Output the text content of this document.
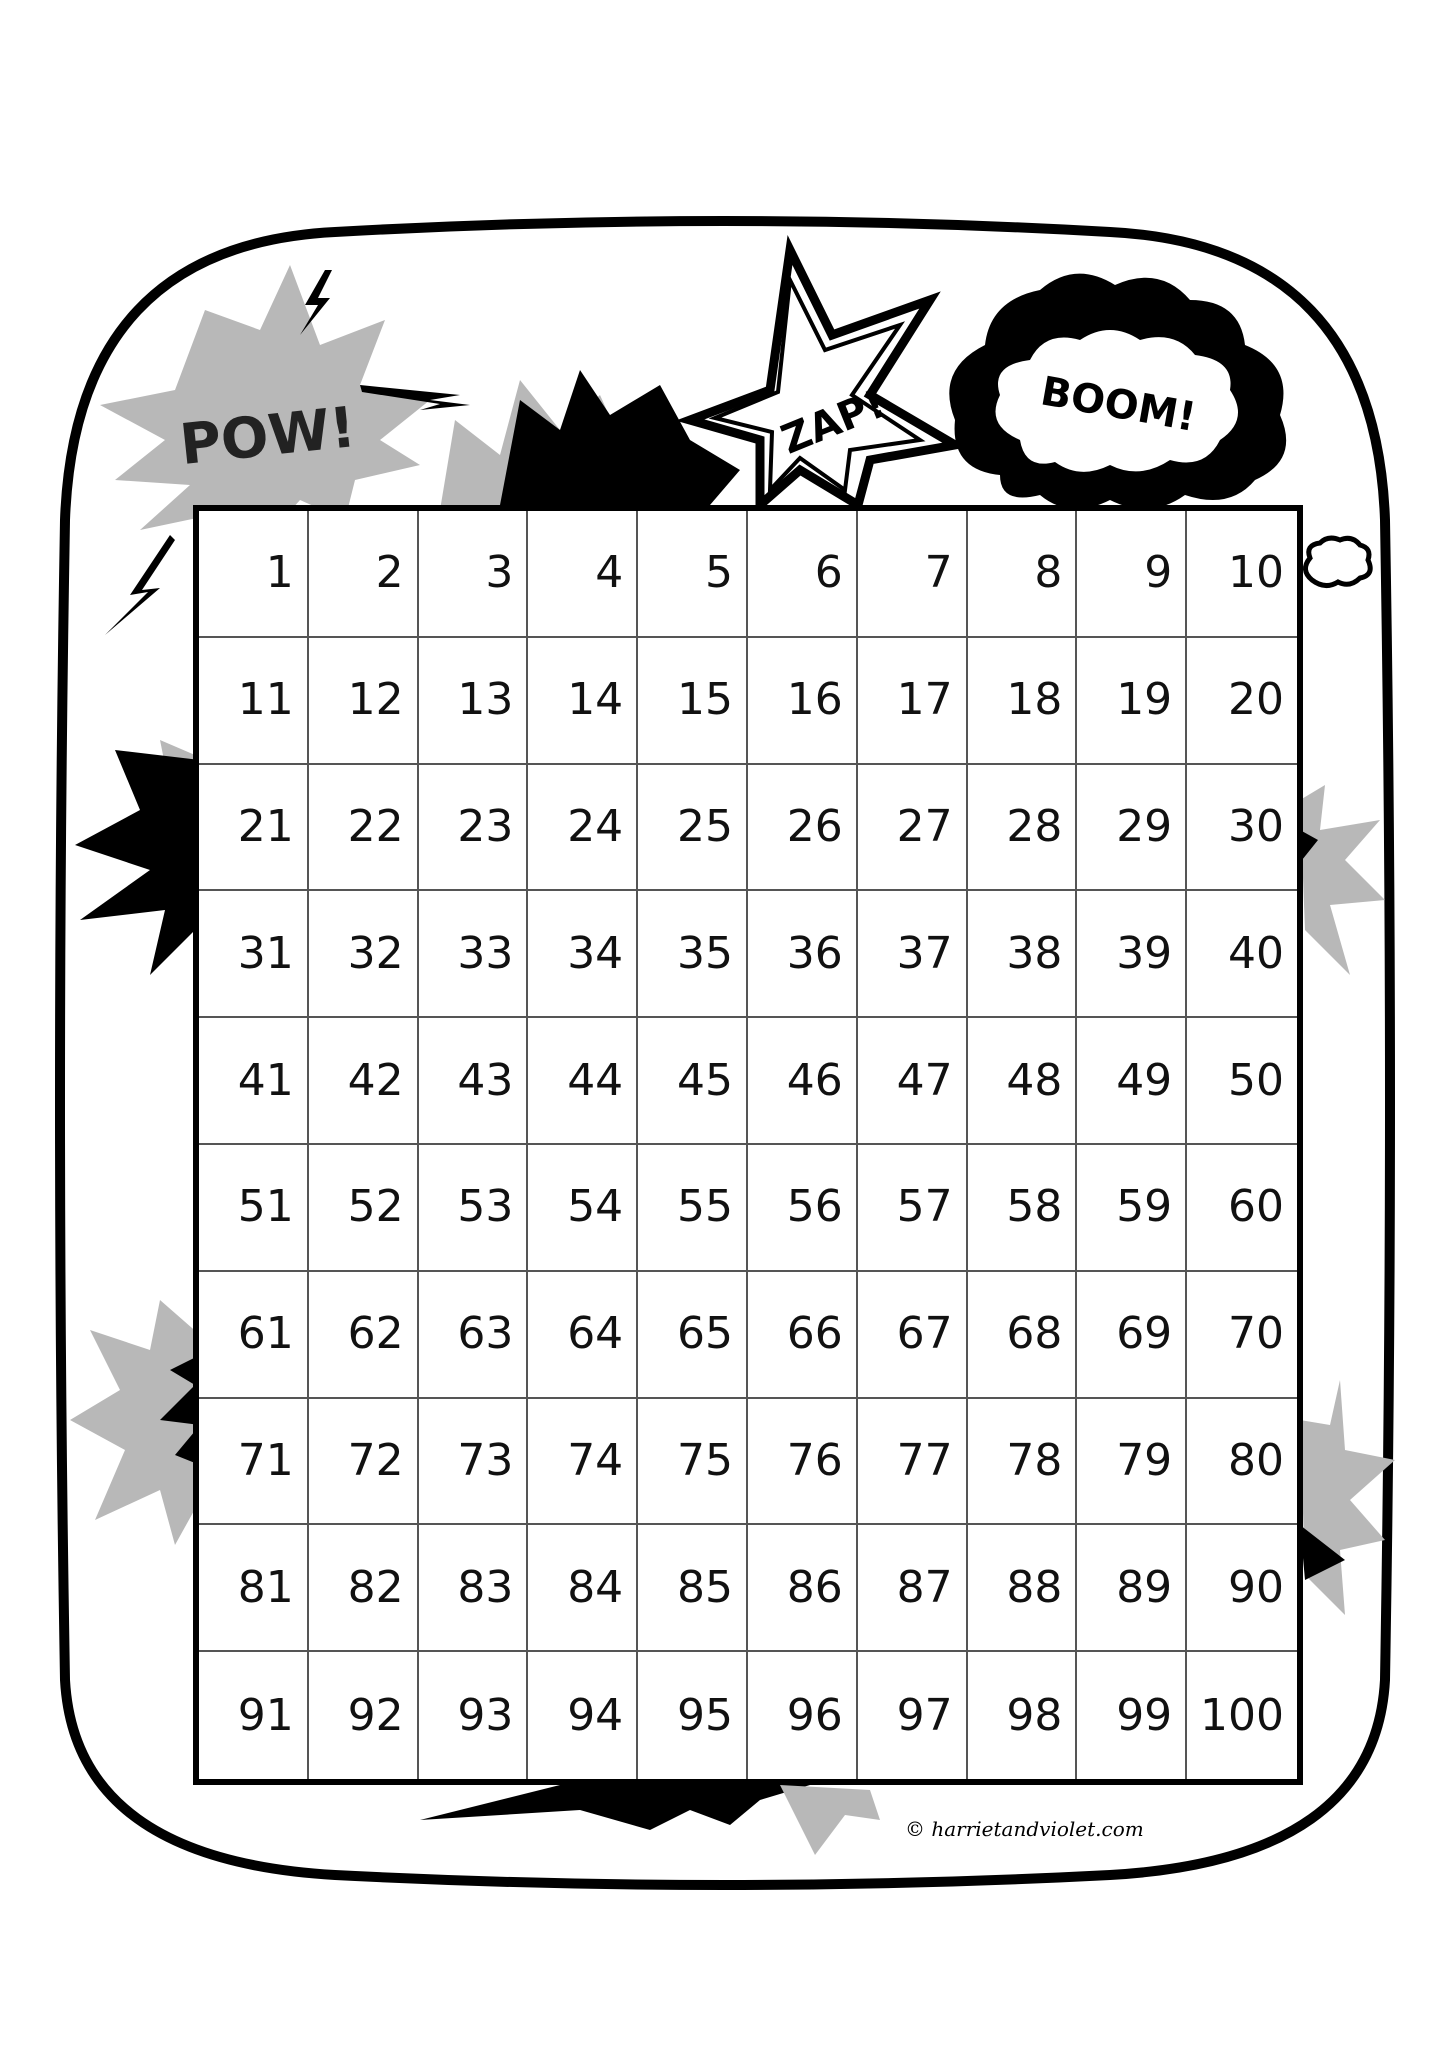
POW!	ZAP!	BOOM!
1	2	3	4	5	6	7	8	9	10
11	12	13	14	15	16	17	18	19	20
21	22	23	24	25	26	27	28	29	30
31	32	33	34	35	36	37	38	39	40
41	42	43	44	45	46	47	48	49	50
51	52	53	54	55	56	57	58	59	60
61	62	63	64	65	66	67	68	69	70
71	72	73	74	75	76	77	78	79	80
81	82	83	84	85	86	87	88	89	90
91	92	93	94	95	96	97	98	99 100
© harrietandviolet.com
